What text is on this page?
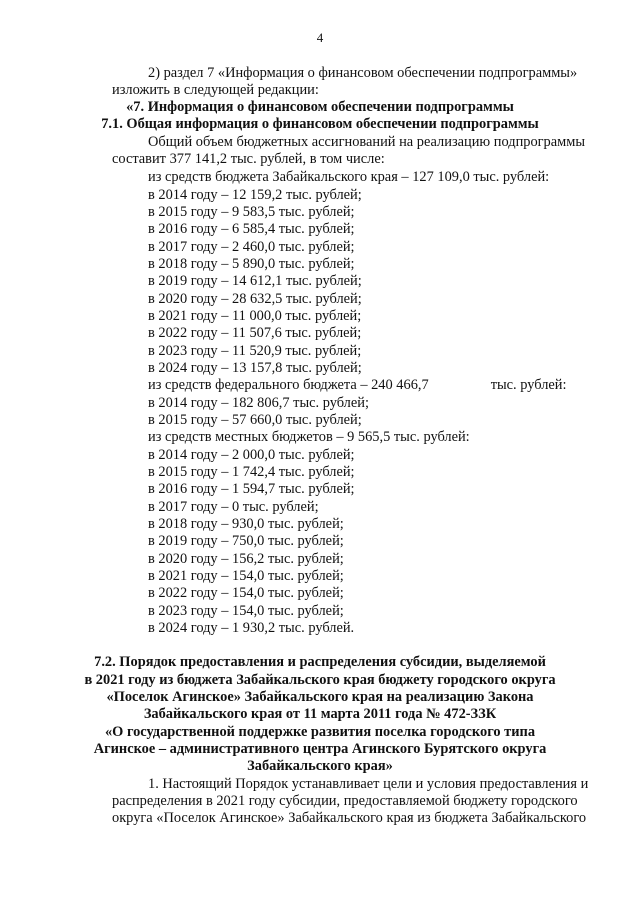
4
2) раздел 7 «Информация о финансовом обеспечении подпрограммы»
изложить в следующей редакции:
«7. Информация о финансовом обеспечении подпрограммы
7.1. Общая информация о финансовом обеспечении подпрограммы
Общий объем бюджетных ассигнований на реализацию подпрограммы
составит 377 141,2 тыс. рублей, в том числе:
из средств бюджета Забайкальского края – 127 109,0 тыс. рублей:
в 2014 году – 12 159,2 тыс. рублей;
в 2015 году – 9 583,5 тыс. рублей;
в 2016 году – 6 585,4 тыс. рублей;
в 2017 году – 2 460,0 тыс. рублей;
в 2018 году – 5 890,0 тыс. рублей;
в 2019 году – 14 612,1 тыс. рублей;
в 2020 году – 28 632,5 тыс. рублей;
в 2021 году – 11 000,0 тыс. рублей;
в 2022 году – 11 507,6 тыс. рублей;
в 2023 году – 11 520,9 тыс. рублей;
в 2024 году – 13 157,8 тыс. рублей;
из средств федерального бюджета – 240 466,7	тыс. рублей:
в 2014 году – 182 806,7 тыс. рублей;
в 2015 году – 57 660,0 тыс. рублей;
из средств местных бюджетов – 9 565,5 тыс. рублей:
в 2014 году – 2 000,0 тыс. рублей;
в 2015 году – 1 742,4 тыс. рублей;
в 2016 году – 1 594,7 тыс. рублей;
в 2017 году – 0 тыс. рублей;
в 2018 году – 930,0 тыс. рублей;
в 2019 году – 750,0 тыс. рублей;
в 2020 году – 156,2 тыс. рублей;
в 2021 году – 154,0 тыс. рублей;
в 2022 году – 154,0 тыс. рублей;
в 2023 году – 154,0 тыс. рублей;
в 2024 году – 1 930,2 тыс. рублей.
7.2. Порядок предоставления и распределения субсидии, выделяемой
в 2021 году из бюджета Забайкальского края бюджету городского округа
«Поселок Агинское» Забайкальского края на реализацию Закона
Забайкальского края от 11 марта 2011 года № 472-ЗЗК
«О государственной поддержке развития поселка городского типа
Агинское – административного центра Агинского Бурятского округа
Забайкальского края»
1. Настоящий Порядок устанавливает цели и условия предоставления и
распределения в 2021 году субсидии, предоставляемой бюджету городского
округа «Поселок Агинское» Забайкальского края из бюджета Забайкальского
